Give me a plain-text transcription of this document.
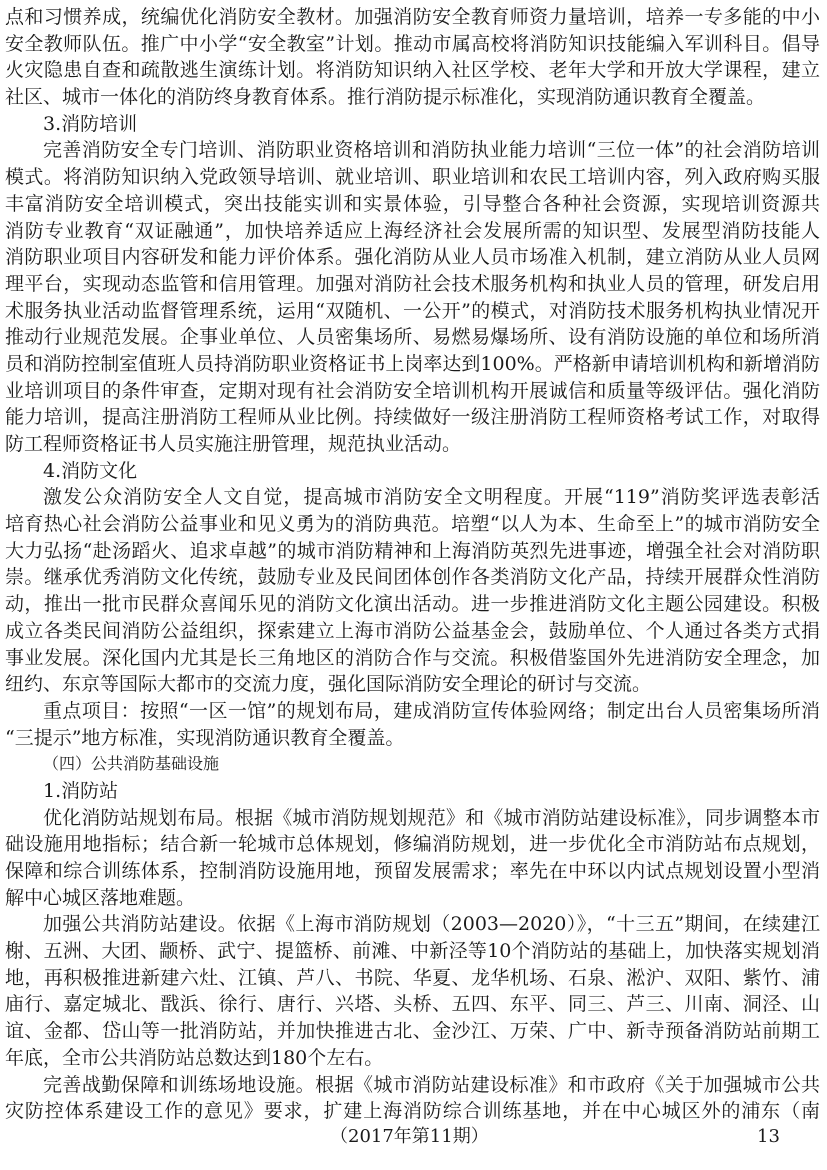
点和习惯养成，统编优化消防安全教材。加强消防安全教育师资力量培训，培养一专多能的中小
安全教师队伍。推广中小学“安全教室”计划。推动市属高校将消防知识技能编入军训科目。倡导
火灾隐患自查和疏散逃生演练计划。将消防知识纳入社区学校、老年大学和开放大学课程，建立
社区、城市一体化的消防终身教育体系。推行消防提示标准化，实现消防通识教育全覆盖。
3.消防培训
完善消防安全专门培训、消防职业资格培训和消防执业能力培训“三位一体”的社会消防培训
模式。将消防知识纳入党政领导培训、就业培训、职业培训和农民工培训内容，列入政府购买服
丰富消防安全培训模式，突出技能实训和实景体验，引导整合各种社会资源，实现培训资源共
消防专业教育“双证融通”，加快培养适应上海经济社会发展所需的知识型、发展型消防技能人
消防职业项目内容研发和能力评价体系。强化消防从业人员市场准入机制，建立消防从业人员网
理平台，实现动态监管和信用管理。加强对消防社会技术服务机构和执业人员的管理，研发启用
术服务执业活动监督管理系统，运用“双随机、一公开”的模式，对消防技术服务机构执业情况开
推动行业规范发展。企事业单位、人员密集场所、易燃易爆场所、设有消防设施的单位和场所消
员和消防控制室值班人员持消防职业资格证书上岗率达到100%。严格新申请培训机构和新增消防
业培训项目的条件审查，定期对现有社会消防安全培训机构开展诚信和质量等级评估。强化消防
能力培训，提高注册消防工程师从业比例。持续做好一级注册消防工程师资格考试工作，对取得
防工程师资格证书人员实施注册管理，规范执业活动。
4.消防文化
激发公众消防安全人文自觉，提高城市消防安全文明程度。开展“119”消防奖评选表彰活
培育热心社会消防公益事业和见义勇为的消防典范。培塑“以人为本、生命至上”的城市消防安全
大力弘扬“赴汤蹈火、追求卓越”的城市消防精神和上海消防英烈先进事迹，增强全社会对消防职
崇。继承优秀消防文化传统，鼓励专业及民间团体创作各类消防文化产品，持续开展群众性消防
动，推出一批市民群众喜闻乐见的消防文化演出活动。进一步推进消防文化主题公园建设。积极
成立各类民间消防公益组织，探索建立上海市消防公益基金会，鼓励单位、个人通过各类方式捐
事业发展。深化国内尤其是长三角地区的消防合作与交流。积极借鉴国外先进消防安全理念，加
纽约、东京等国际大都市的交流力度，强化国际消防安全理论的研讨与交流。
重点项目：按照“一区一馆”的规划布局，建成消防宣传体验网络；制定出台人员密集场所消
“三提示”地方标准，实现消防通识教育全覆盖。
（四）公共消防基础设施
1.消防站
优化消防站规划布局。根据《城市消防规划规范》和《城市消防站建设标准》，同步调整本市
础设施用地指标；结合新一轮城市总体规划，修编消防规划，进一步优化全市消防站布点规划，
保障和综合训练体系，控制消防设施用地，预留发展需求；率先在中环以内试点规划设置小型消
解中心城区落地难题。
加强公共消防站建设。依据《上海市消防规划（2003—2020）》，“十三五”期间，在续建江
榭、五洲、大团、颛桥、武宁、提篮桥、前滩、中新泾等10个消防站的基础上，加快落实规划消
地，再积极推进新建六灶、江镇、芦八、书院、华夏、龙华机场、石泉、淞沪、双阳、紫竹、浦
庙行、嘉定城北、戬浜、徐行、唐行、兴塔、头桥、五四、东平、同三、芦三、川南、洞泾、山
谊、金都、岱山等一批消防站，并加快推进古北、金沙江、万荣、广中、新寺预备消防站前期工
年底，全市公共消防站总数达到180个左右。
完善战勤保障和训练场地设施。根据《城市消防站建设标准》和市政府《关于加强城市公共
灾防控体系建设工作的意见》要求，扩建上海消防综合训练基地，并在中心城区外的浦东（南
（2017年第11期）	13
